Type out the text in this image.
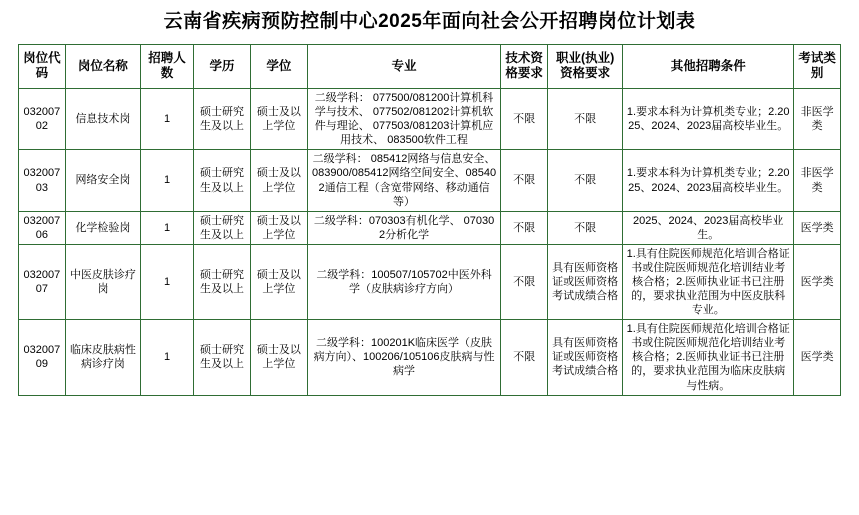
云南省疾病预防控制中心2025年面向社会公开招聘岗位计划表
岗位代码	岗位名称	招聘人数	学历	学位	专业	技术资格要求	职业(执业)资格要求	其他招聘条件	考试类别
03200702	信息技术岗	1	硕士研究生及以上	硕士及以上学位	二级学科： 077500/081200计算机科学与技术、 077502/081202计算机软件与理论、 077503/081203计算机应用技术、 083500软件工程	不限	不限	1.要求本科为计算机类专业；2.2025、2024、2023届高校毕业生。	非医学类
03200703	网络安全岗	1	硕士研究生及以上	硕士及以上学位	二级学科： 085412网络与信息安全、083900/085412网络空间安全、085402通信工程（含宽带网络、移动通信等）	不限	不限	1.要求本科为计算机类专业；2.2025、2024、2023届高校毕业生。	非医学类
03200706	化学检验岗	1	硕士研究生及以上	硕士及以上学位	二级学科：070303有机化学、 070302分析化学	不限	不限	2025、2024、2023届高校毕业生。	医学类
03200707	中医皮肤诊疗岗	1	硕士研究生及以上	硕士及以上学位	二级学科：100507/105702中医外科学（皮肤病诊疗方向）	不限	具有医师资格证或医师资格考试成绩合格	1.具有住院医师规范化培训合格证书或住院医师规范化培训结业考核合格；2.医师执业证书已注册的，要求执业范围为中医皮肤科专业。	医学类
03200709	临床皮肤病性病诊疗岗	1	硕士研究生及以上	硕士及以上学位	二级学科：100201K临床医学（皮肤病方向）、100206/105106皮肤病与性病学	不限	具有医师资格证或医师资格考试成绩合格	1.具有住院医师规范化培训合格证书或住院医师规范化培训结业考核合格；2.医师执业证书已注册的，要求执业范围为临床皮肤病与性病。	医学类
